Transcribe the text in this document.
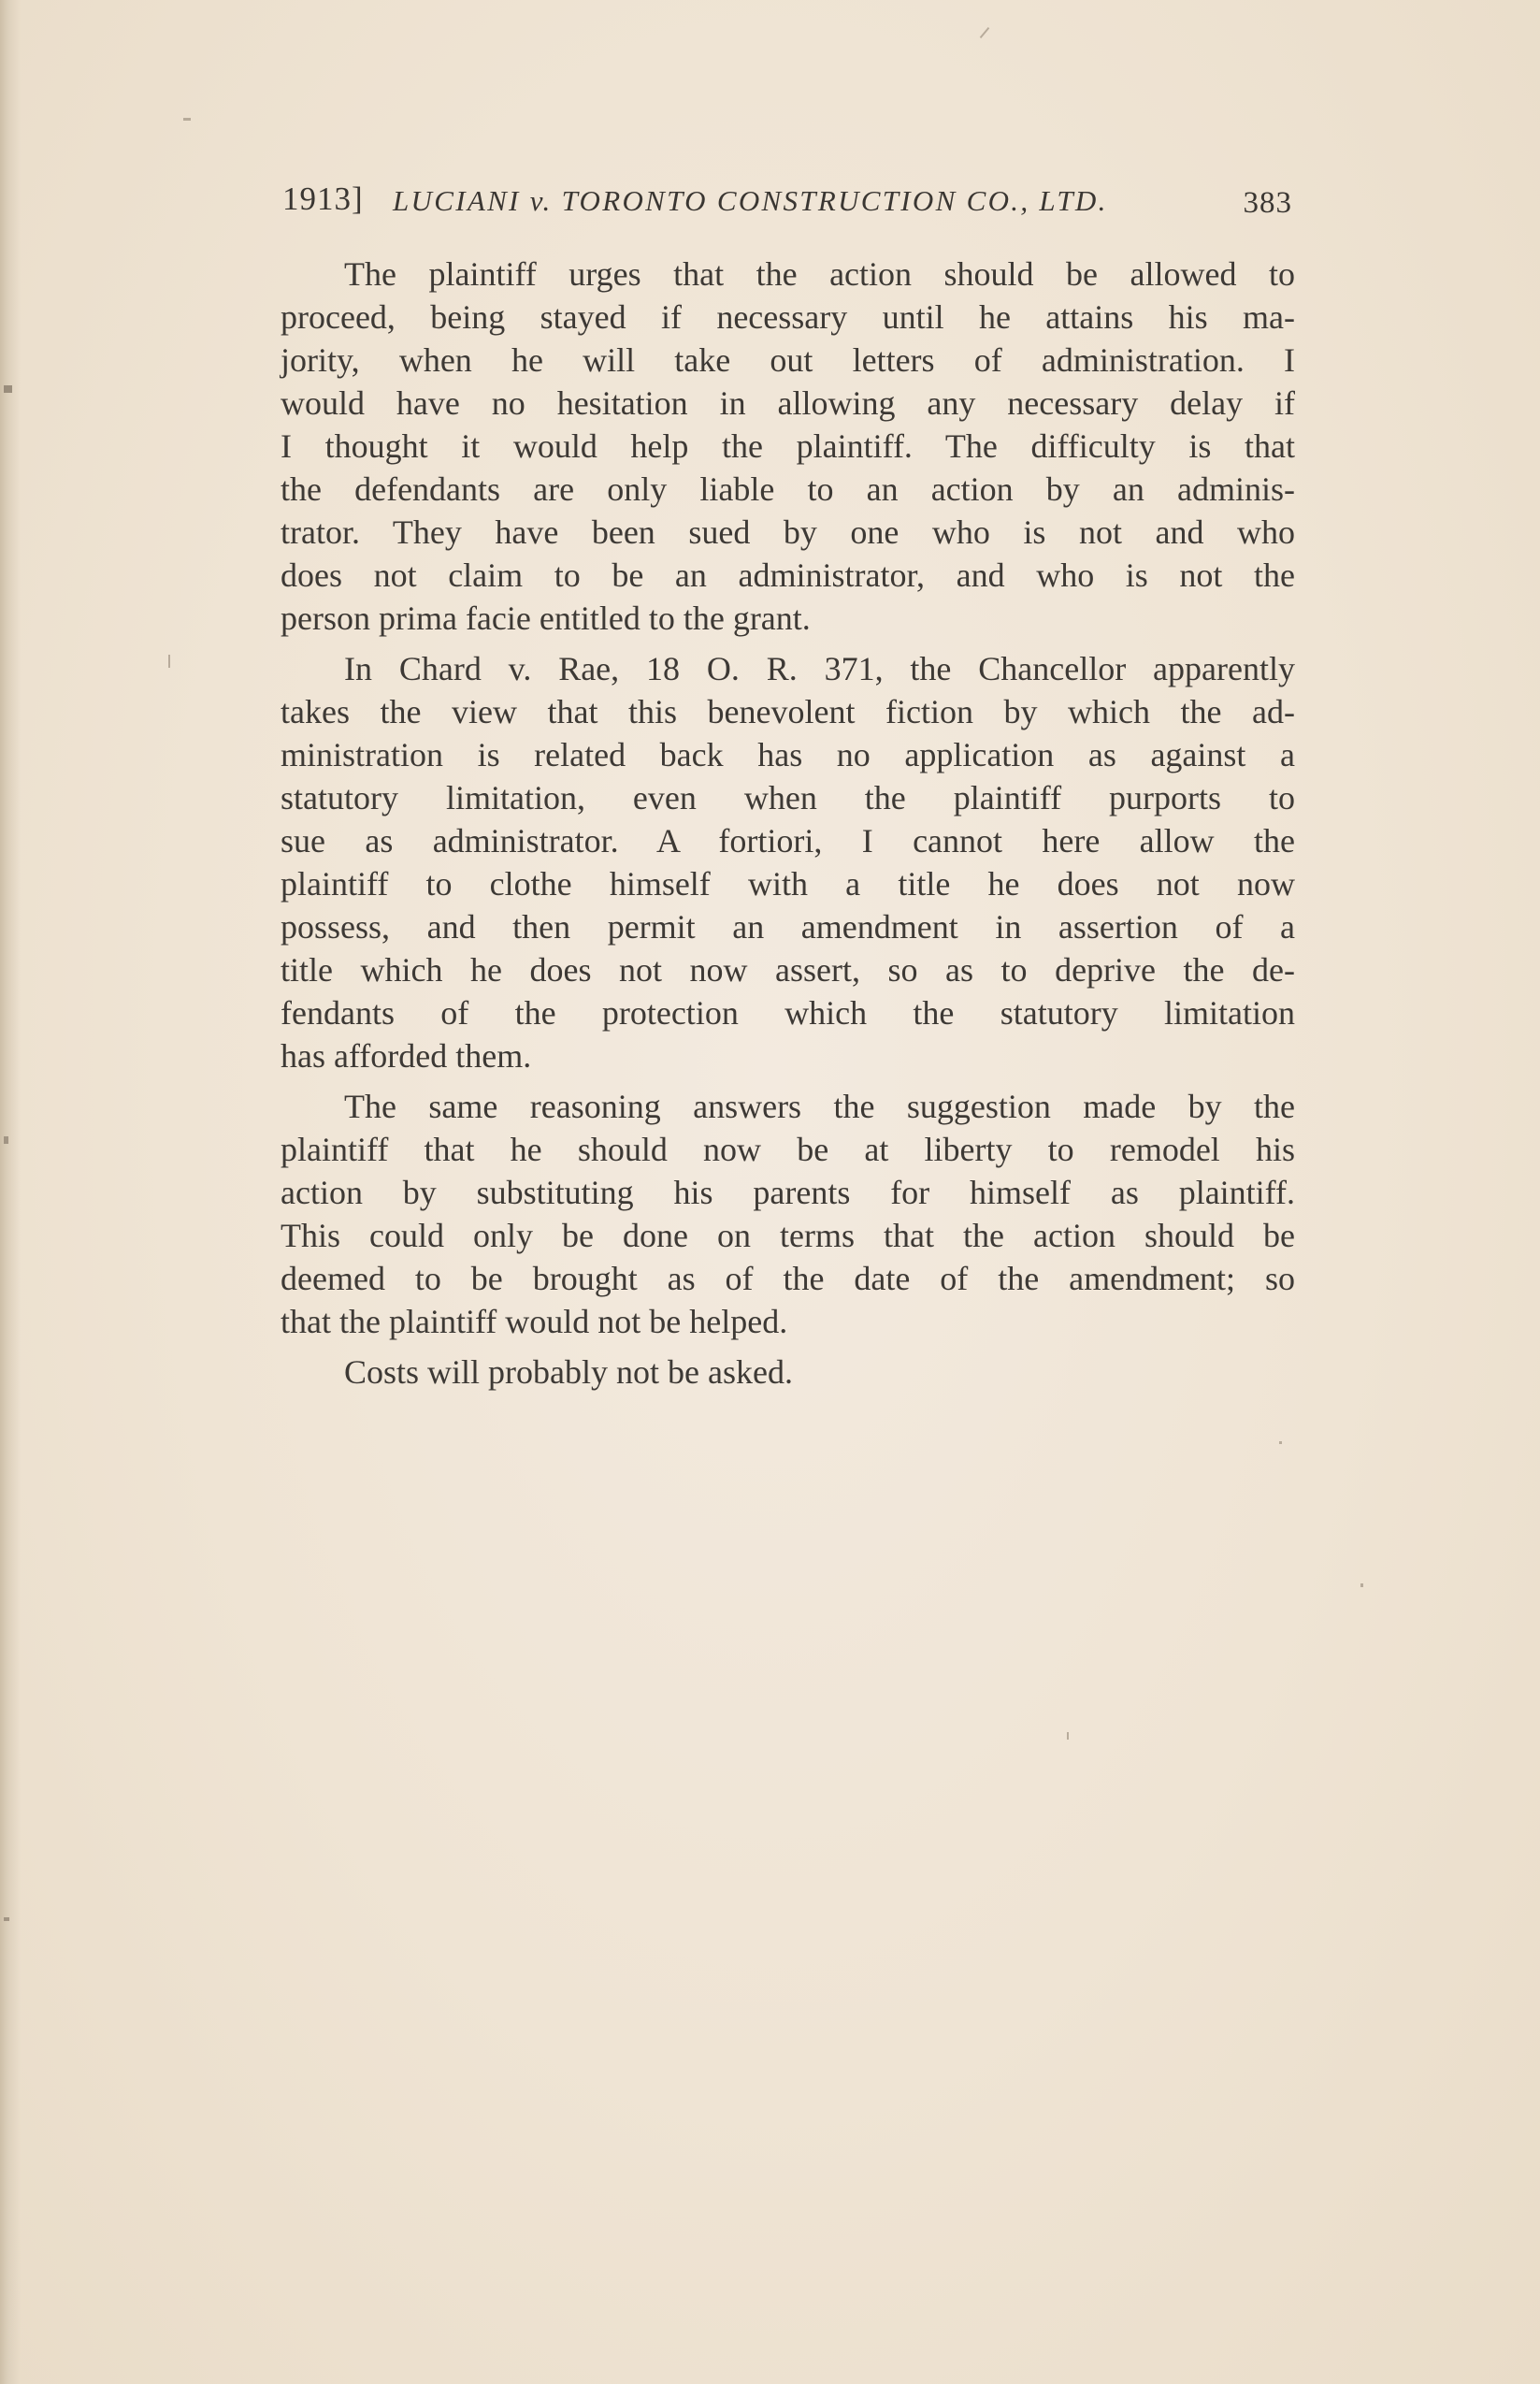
1913] LUCIANI v. TORONTO CONSTRUCTION CO., LTD.	383
The plaintiff urges that the action should be allowed to
proceed, being stayed if necessary until he attains his ma-
jority, when he will take out letters of administration. I
would have no hesitation in allowing any necessary delay if
I thought it would help the plaintiff. The difficulty is that
the defendants are only liable to an action by an adminis-
trator. They have been sued by one who is not and who
does not claim to be an administrator, and who is not the
person prima facie entitled to the grant.
In Chard v. Rae, 18 O. R. 371, the Chancellor apparently
takes the view that this benevolent fiction by which the ad-
ministration is related back has no application as against a
statutory limitation, even when the plaintiff purports to
sue as administrator. A fortiori, I cannot here allow the
plaintiff to clothe himself with a title he does not now
possess, and then permit an amendment in assertion of a
title which he does not now assert, so as to deprive the de-
fendants of the protection which the statutory limitation
has afforded them.
The same reasoning answers the suggestion made by the
plaintiff that he should now be at liberty to remodel his
action by substituting his parents for himself as plaintiff.
This could only be done on terms that the action should be
deemed to be brought as of the date of the amendment; so
that the plaintiff would not be helped.
Costs will probably not be asked.
